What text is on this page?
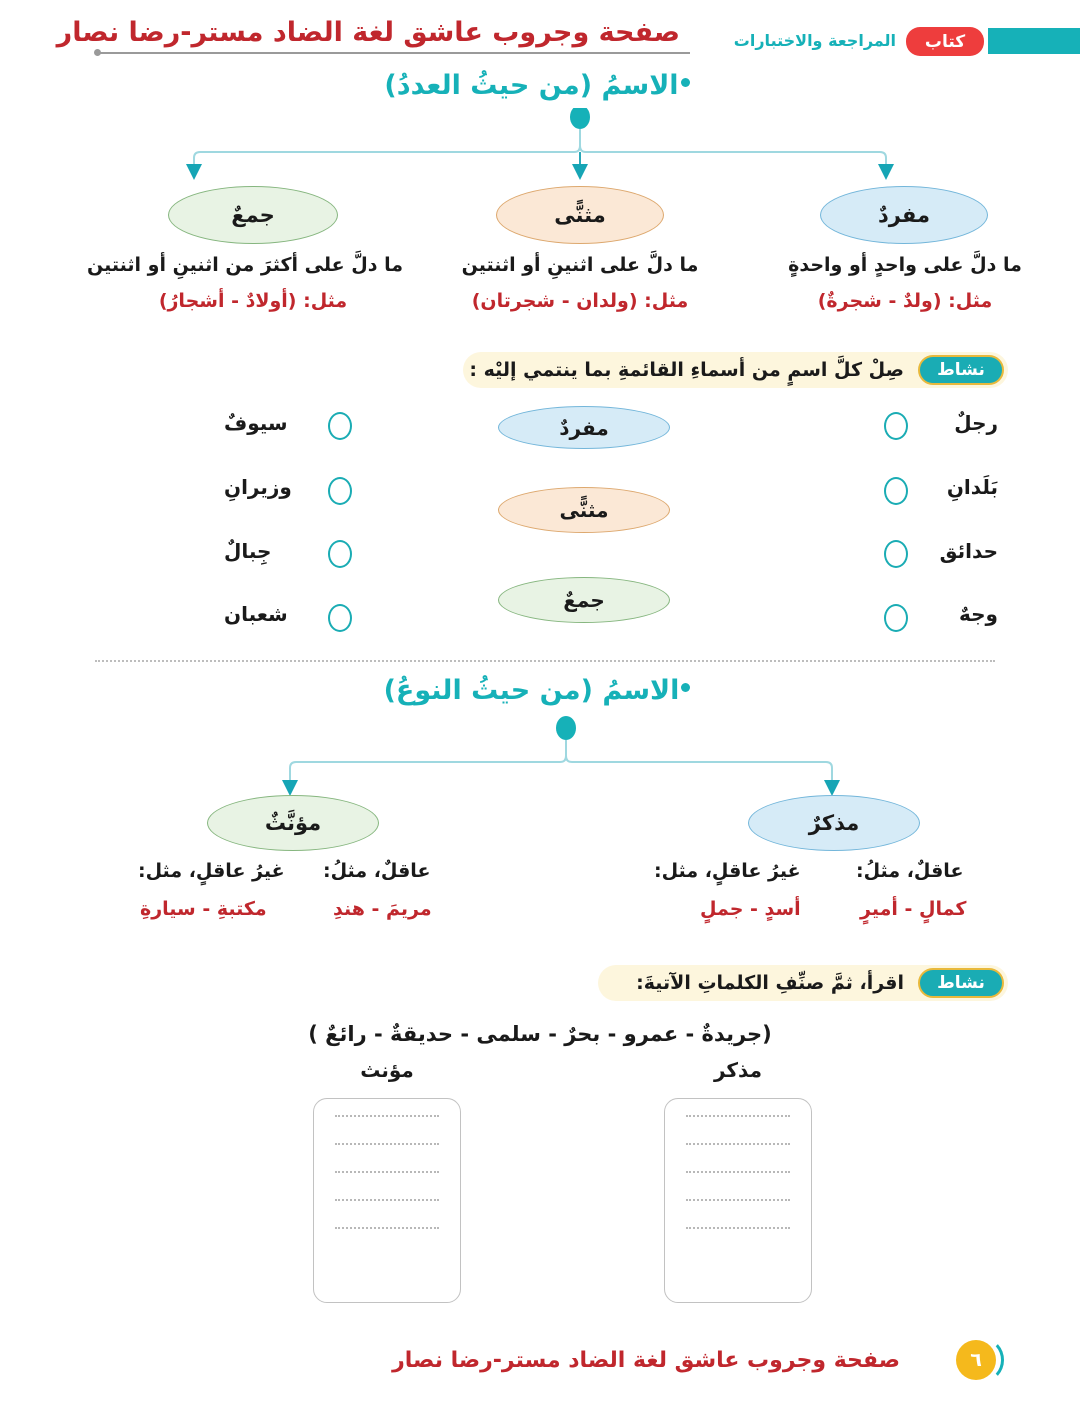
كتاب
المراجعة والاختبارات
صفحة وجروب عاشق لغة الضاد مستر-رضا نصار
الاسمُ (من حيثُ العددُ)
جمعٌ	مثنًّى	مفردٌ
ما دلَّ على أكثرَ من اثنينِ أو اثنتين
مثل: (أولادٌ - أشجارُ)
ما دلَّ على اثنينِ أو اثنتين
مثل: (ولدان - شجرتان)
ما دلَّ على واحدٍ أو واحدةٍ
مثل: (ولدٌ - شجرةٌ)
نشاط
صِلْ كلَّ اسمٍ من أسماءِ القائمةِ بما ينتمي إليْه :
رجلٌ
بَلَدانِ
حدائق
وجهٌ
مفردٌ
مثنًّى
جمعٌ
سيوفٌ
وزيرانِ
جِبالٌ
شعبان
الاسمُ (من حيثُ النوعُ)
مؤنَّثٌ	مذكرٌ
عاقلٌ، مثلُ:
مريمَ - هندِ
غيرُ عاقلٍ، مثل:
مكتبةِ - سيارةِ
عاقلٌ، مثلُ:
كمالٍ - أميرٍ
غيرُ عاقلٍ، مثل:
أسدٍ - جملٍ
نشاط
اقرأ، ثمَّ صنِّفِ الكلماتِ الآتيةَ:
(جريدةٌ - عمرو - بحرٌ - سلمى - حديقةٌ - رائعٌ )
مذكر
مؤنث
صفحة وجروب عاشق لغة الضاد مستر-رضا نصار	٦
